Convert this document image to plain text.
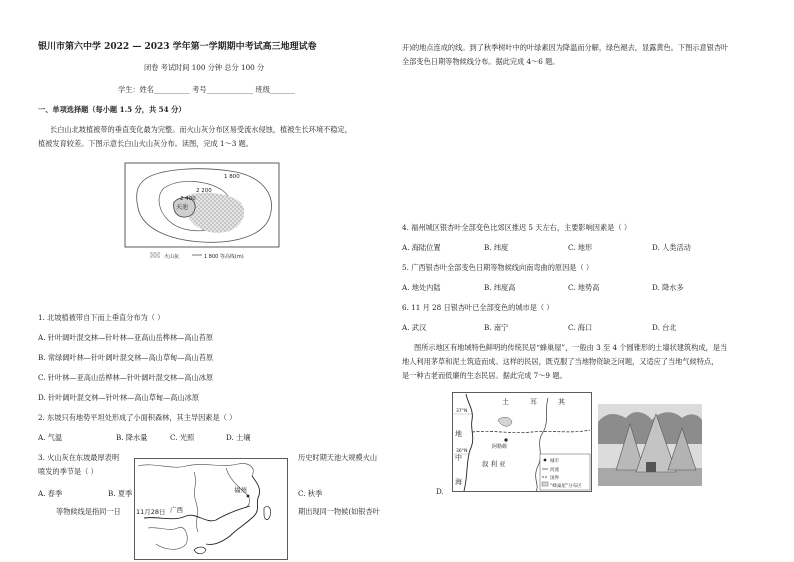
银川市第六中学 2022 — 2023 学年第一学期期中考试高三地理试卷
闭卷 考试时间 100 分钟 总分 100 分
学生：姓名__________ 考号_____________ 班级_______
一、单项选择题（每小题 1.5 分，共 54 分）
长白山北坡植被带的垂直变化最为完整。而火山灰分布区易受流水侵蚀，植被生长环境不稳定，
植被发育较差。下图示意长白山火山灰分布。读图，完成 1～3 题。
天池
1 800
2 200
2 400
火山灰	1 800 等高线(m)
1. 北坡植被带自下而上垂直分布为（ ）
A. 针叶阔叶混交林—针叶林—亚高山岳桦林—高山苔原
B. 常绿阔叶林—针叶阔叶混交林—高山草甸—高山苔原
C. 针叶林—亚高山岳桦林—针叶阔叶混交林—高山冰原
D. 针叶阔叶混交林—针叶林—高山草甸—高山冰原
2. 东坡只有地势平坦处形成了小面积森林，其主导因素是（ ）
A. 气温	B. 降水量	C. 光照	D. 土壤
3. 火山灰在东坡最厚表明
喷发的季节是（ ）
历史时期天池大规模火山
A. 春季	B. 夏季	C. 秋季
等物候线是指同一日	期出现同一物候(如银杏叶
福州
广西
11月28日
开)的地点连成的线。到了秋季树叶中的叶绿素因为降温而分解，绿色褪去，显露黄色。下图示意银杏叶
全部变色日期等物候线分布。据此完成 4～6 题。
4. 福州城区银杏叶全部变色比郊区推迟 5 天左右，主要影响因素是（ ）
A. 海陆位置	B. 纬度	C. 地形	D. 人类活动
5. 广西银杏叶全部变色日期等物候线向南弯曲的原因是（ ）
A. 地处内陆	B. 纬度高	C. 地势高	D. 降水多
6. 11 月 28 日银杏叶已全部变色的城市是（ ）
A. 武汉	B. 南宁	C. 海口	D. 台北
图所示地区有地域特色鲜明的传统民居“蜂巢屋”，一般由 3 至 4 个圆锥形的土墙状建筑构成，是当
地人利用茅草和泥土筑造而成。这样的民居，既克服了当地物资缺乏问题，又适应了当地气候特点，
是一种古老而低廉的生态民居。据此完成 7～9 题。
D.
土	耳	其
地
中
海
叙 利 亚
阿勒颇
37°N
36°N
城市
河流
国界
“蜂巢屋”分布区
